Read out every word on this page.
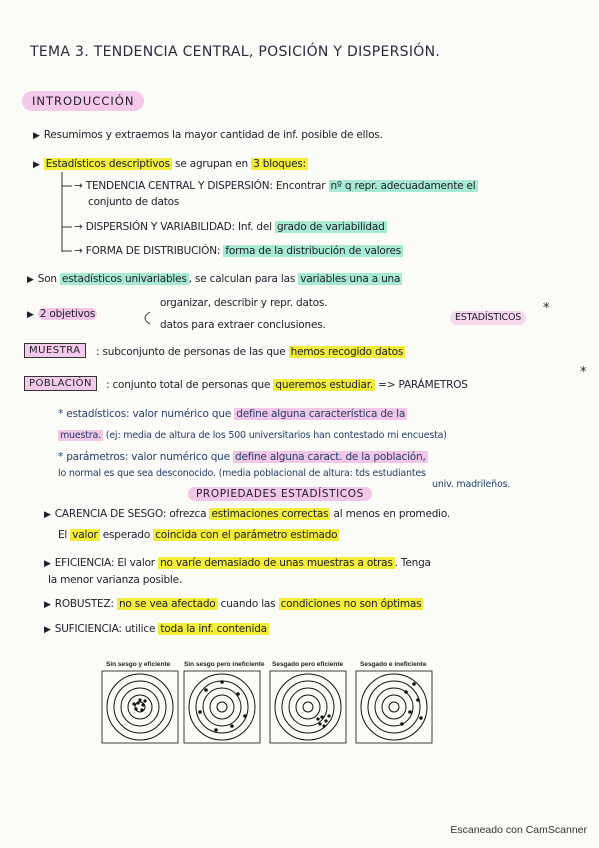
TEMA 3. TENDENCIA CENTRAL, POSICIÓN Y DISPERSIÓN.
INTRODUCCIÓN
▶ Resumimos y extraemos la mayor cantidad de inf. posible de ellos.
▶ Estadísticos descriptivos se agrupan en 3 bloques:
→ TENDENCIA CENTRAL Y DISPERSIÓN: Encontrar nº q repr. adecuadamente el
conjunto de datos
→ DISPERSIÓN Y VARIABILIDAD: Inf. del grado de variabilidad
→ FORMA DE DISTRIBUCIÓN: forma de la distribución de valores
▶ Son estadísticos univariables , se calculan para las variables una a una
▶ 2 objetivos
organizar, describir y repr. datos.
datos para extraer conclusiones.
ESTADÍSTICOS
*
MUESTRA	: subconjunto de personas de las que hemos recogido datos
POBLACIÓN	: conjunto total de personas que queremos estudiar. => PARÁMETROS
*
* estadísticos: valor numérico que define alguna característica de la
muestra. (ej: media de altura de los 500 universitarios han contestado mi encuesta)
* parámetros: valor numérico que define alguna caract. de la población,
lo normal es que sea desconocido. (media poblacional de altura: tds estudiantes
univ. madrileños.
PROPIEDADES ESTADÍSTICOS
▶ CARENCIA DE SESGO: ofrezca estimaciones correctas al menos en promedio.
El valor esperado coincida con el parámetro estimado
▶ EFICIENCIA: El valor no varíe demasiado de unas muestras a otras . Tenga
la menor varianza posible.
▶ ROBUSTEZ: no se vea afectado cuando las condiciones no son óptimas
▶ SUFICIENCIA: utilice toda la inf. contenida
Sin sesgo y eficiente Sin sesgo pero ineficiente Sesgado pero eficiente	Sesgado e ineficiente
Escaneado con CamScanner
